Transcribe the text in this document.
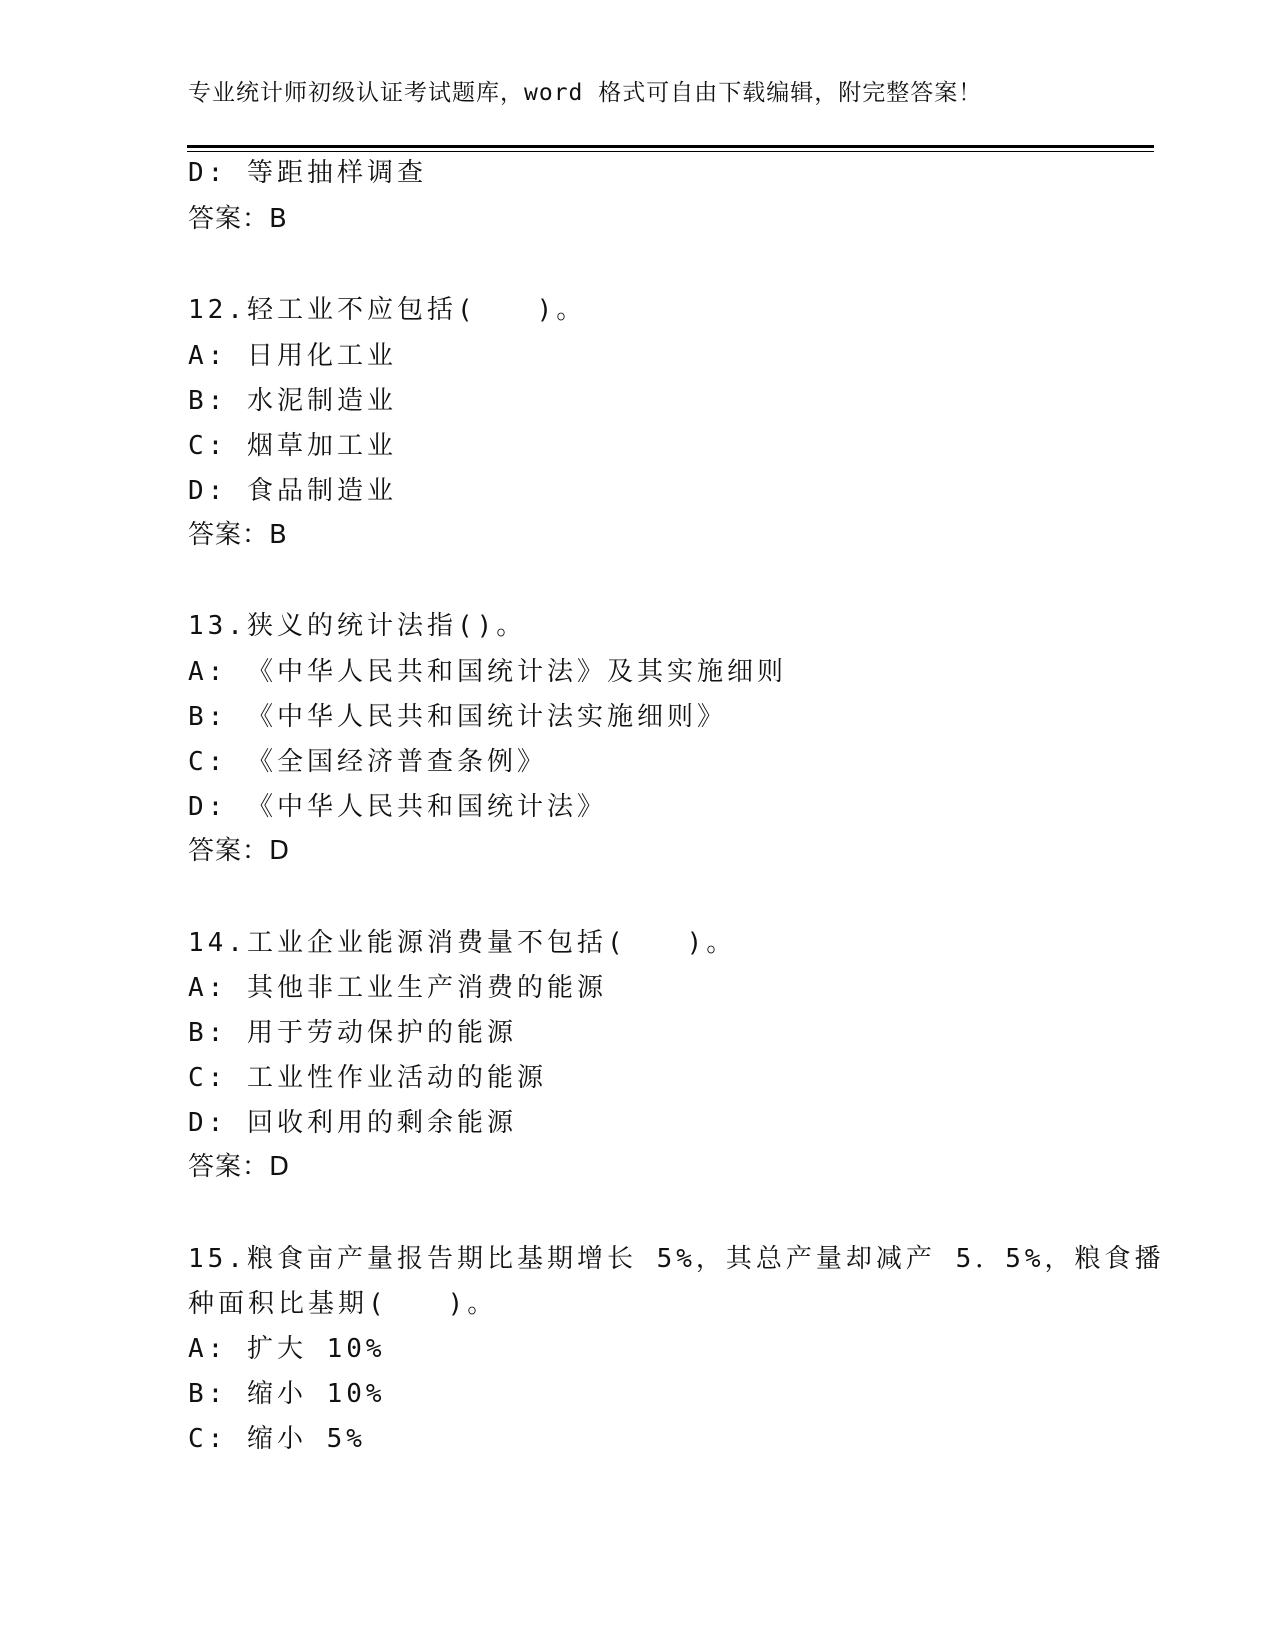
专业统计师初级认证考试题库，word 格式可自由下载编辑，附完整答案！
D: 等距抽样调查
答案：B
12.轻工业不应包括(　　)。
A: 日用化工业
B: 水泥制造业
C: 烟草加工业
D: 食品制造业
答案：B
13.狭义的统计法指()。
A: 《中华人民共和国统计法》及其实施细则
B: 《中华人民共和国统计法实施细则》
C: 《全国经济普查条例》
D: 《中华人民共和国统计法》
答案：D
14.工业企业能源消费量不包括(　　)。
A: 其他非工业生产消费的能源
B: 用于劳动保护的能源
C: 工业性作业活动的能源
D: 回收利用的剩余能源
答案：D
15.粮食亩产量报告期比基期增长 5%，其总产量却减产 5．5%，粮食播
种面积比基期(　　)。
A: 扩大 10%
B: 缩小 10%
C: 缩小 5%
